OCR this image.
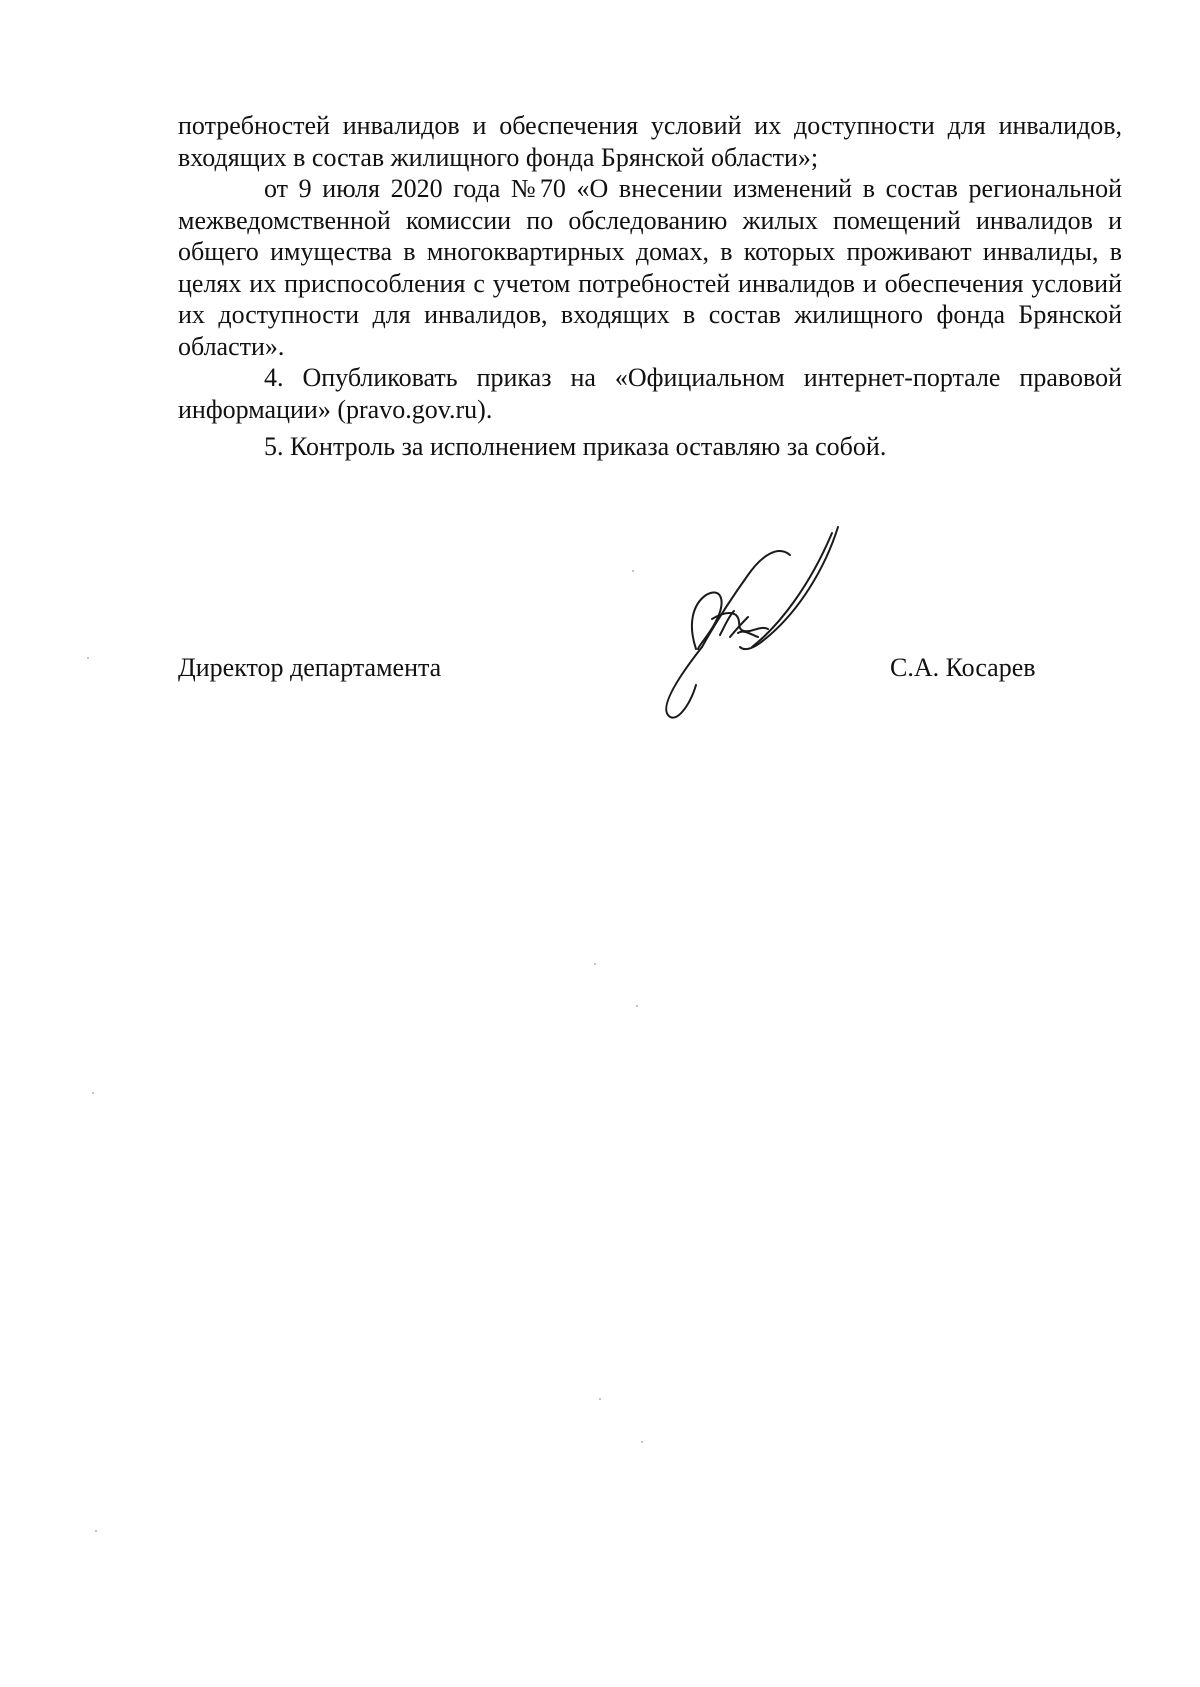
потребностей инвалидов и обеспечения условий их доступности для инвалидов, входящих в состав жилищного фонда Брянской области»;

от 9 июля 2020 года №70 «О внесении изменений в состав региональной межведомственной комиссии по обследованию жилых помещений инвалидов и общего имущества в многоквартирных домах, в которых проживают инвалиды, в целях их приспособления с учетом потребностей инвалидов и обеспечения условий их доступности для инвалидов, входящих в состав жилищного фонда Брянской области».

4. Опубликовать приказ на «Официальном интернет-портале правовой информации» (pravo.gov.ru).

5. Контроль за исполнением приказа оставляю за собой.

Директор департамента	С.А. Косарев
